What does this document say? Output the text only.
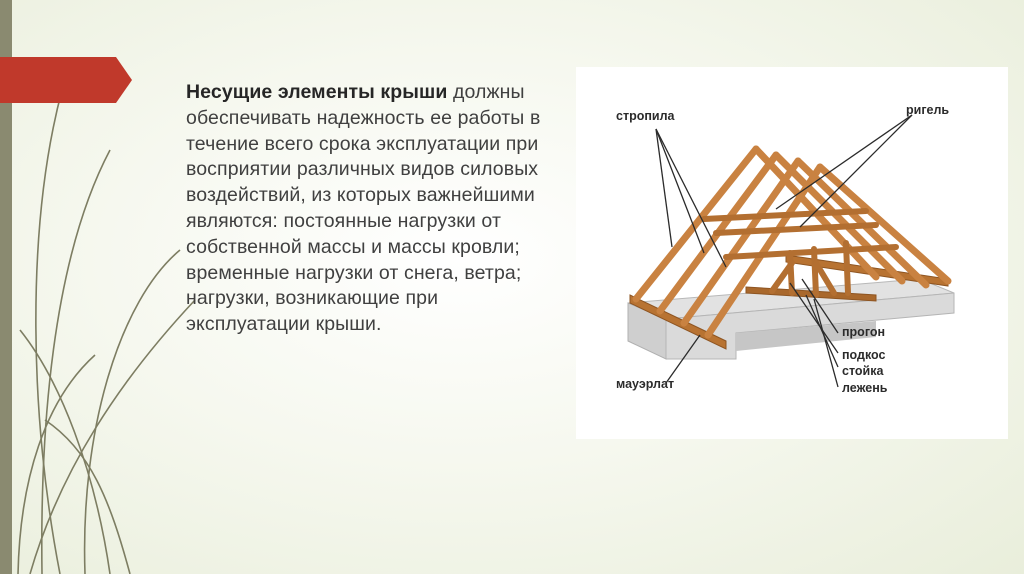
Несущие элементы крыши должны обеспечивать надежность ее работы в течение всего срока эксплуатации при восприятии различных видов силовых воздействий, из которых важнейшими являются: постоянные нагрузки от собственной массы и массы кровли; временные нагрузки от снега, ветра; нагрузки, возникающие при эксплуатации крыши.
стропила	ригель
прогон
подкос
стойка
лежень
мауэрлат
